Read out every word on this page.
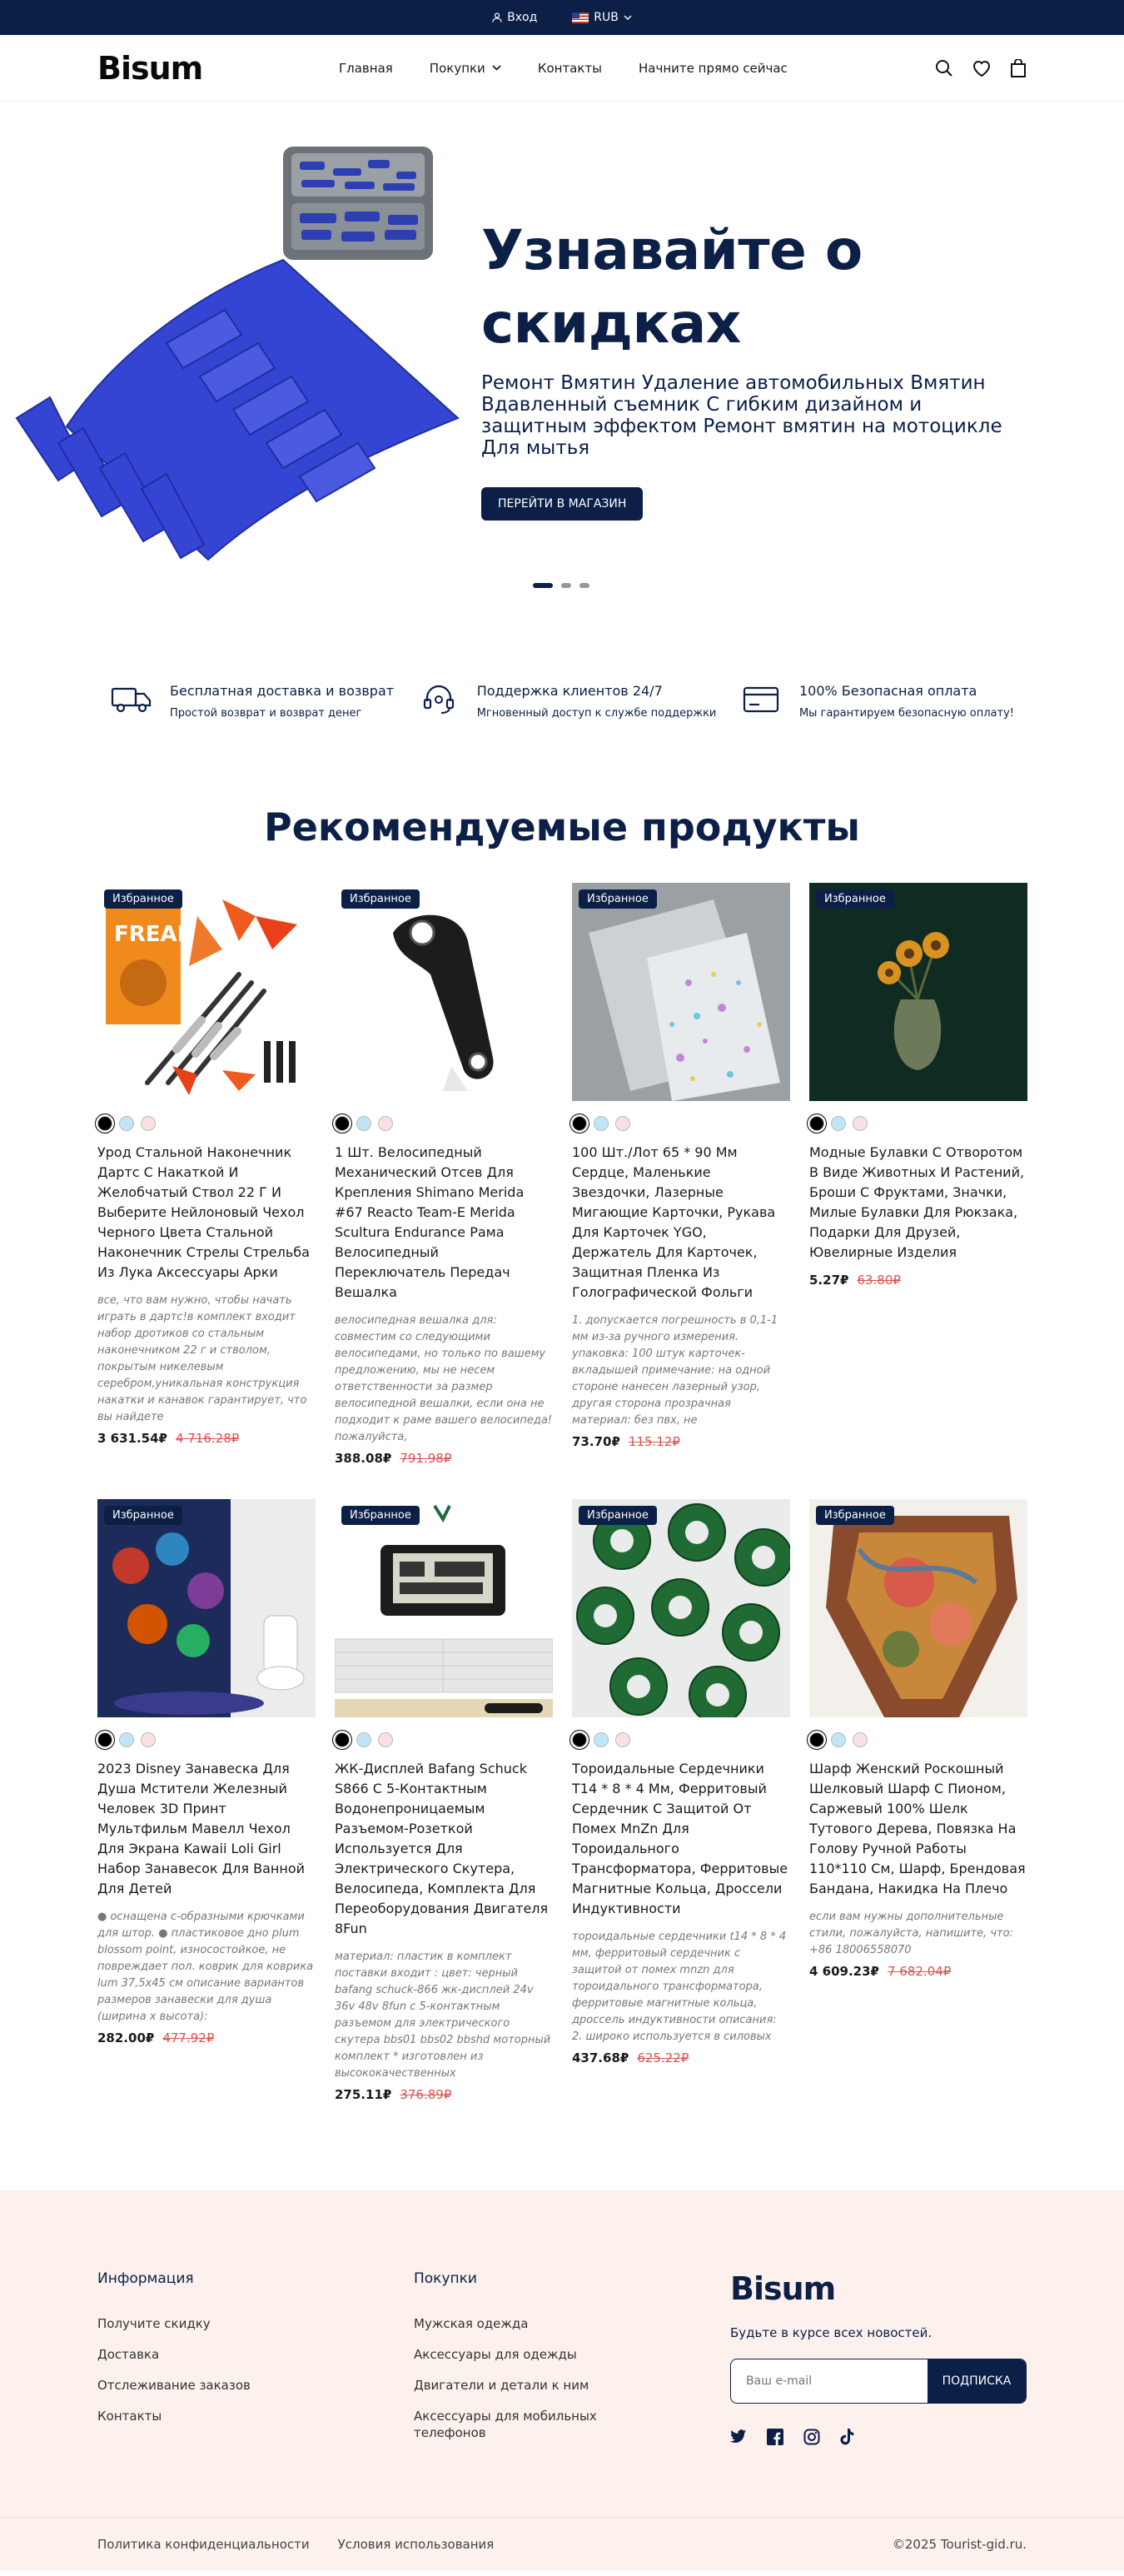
Вход	RUB
Bisum	Главная	Покупки	Контакты	Начните прямо сейчас
Узнавайте о скидках
Ремонт Вмятин Удаление автомобильных Вмятин Вдавленный съемник С гибким дизайном и защитным эффектом Ремонт вмятин на мотоцикле Для мытья
ПЕРЕЙТИ В МАГАЗИН
Бесплатная доставка и возврат
Простой возврат и возврат денег
Поддержка клиентов 24/7
Мгновенный доступ к службе поддержки
100% Безопасная оплата
Мы гарантируем безопасную оплату!
Рекомендуемые продукты
FREAK
Избранное
Урод Стальной Наконечник Дартс С Накаткой И Желобчатый Ствол 22 Г И Выберите Нейлоновый Чехол Черного Цвета Стальной Наконечник Стрелы Стрельба Из Лука Аксессуары Арки
все, что вам нужно, чтобы начать играть в дартс!в комплект входит набор дротиков со стальным наконечником 22 г и стволом, покрытым никелевым серебром,уникальная конструкция накатки и канавок гарантирует, что вы найдете
3 631.54₽ 4 716.28₽
Избранное
1 Шт. Велосипедный Механический Отсев Для Крепления Shimano Merida #67 Reacto Team-E Merida Scultura Endurance Рама Велосипедный Переключатель Передач Вешалка
велосипедная вешалка для: совместим со следующими велосипедами, но только по вашему предложению, мы не несем ответственности за размер велосипедной вешалки, если она не подходит к раме вашего велосипеда!пожалуйста,
388.08₽ 791.98₽
Избранное
100 Шт./Лот 65 * 90 Мм Сердце, Маленькие Звездочки, Лазерные Мигающие Карточки, Рукава Для Карточек YGO, Держатель Для Карточек, Защитная Пленка Из Голографической Фольги
1. допускается погрешность в 0,1-1 мм из-за ручного измерения. упаковка: 100 штук карточек-вкладышей примечание: на одной стороне нанесен лазерный узор, другая сторона прозрачная материал: без пвх, не
73.70₽ 115.12₽
Избранное
Модные Булавки С Отворотом В Виде Животных И Растений, Броши С Фруктами, Значки, Милые Булавки Для Рюкзака, Подарки Для Друзей, Ювелирные Изделия
5.27₽ 63.80₽
Избранное
2023 Disney Занавеска Для Душа Мстители Железный Человек 3D Принт Мультфильм Мавелл Чехол Для Экрана Kawaii Loli Girl Набор Занавесок Для Ванной Для Детей
● оснащена с-образными крючками для штор. ● пластиковое дно plum blossom point, износостойкое, не повреждает пол. коврик для коврика lum 37,5x45 см описание вариантов размеров занавески для душа (ширина x высота):
282.00₽ 477.92₽
Избранное
ЖК-Дисплей Bafang Schuck S866 С 5-Контактным Водонепроницаемым Разъемом-Розеткой Используется Для Электрического Скутера, Велосипеда, Комплекта Для Переоборудования Двигателя 8Fun
материал: пластик в комплект поставки входит : цвет: черный bafang schuck-866 жк-дисплей 24v 36v 48v 8fun с 5-контактным разъемом для электрического скутера bbs01 bbs02 bbshd моторный комплект * изготовлен из высококачественных
275.11₽ 376.89₽
Избранное
Тороидальные Сердечники T14 * 8 * 4 Мм, Ферритовый Сердечник С Защитой От Помех MnZn Для Тороидального Трансформатора, Ферритовые Магнитные Кольца, Дроссели Индуктивности
тороидальные сердечники t14 * 8 * 4 мм, ферритовый сердечник с защитой от помех mnzn для тороидального трансформатора, ферритовые магнитные кольца, дроссель индуктивности описания: 2. широко используется в силовых
437.68₽ 625.22₽
Избранное
Шарф Женский Роскошный Шелковый Шарф С Пионом, Саржевый 100% Шелк Тутового Дерева, Повязка На Голову Ручной Работы 110*110 См, Шарф, Брендовая Бандана, Накидка На Плечо
если вам нужны дополнительные стили, пожалуйста, напишите, что: +86 18006558070
4 609.23₽ 7 682.04₽
Информация
Получите скидку
Доставка
Отслеживание заказов
Контакты
Покупки
Мужская одежда
Аксессуары для одежды
Двигатели и детали к ним
Аксессуары для мобильных телефонов
Bisum
Будьте в курсе всех новостей.
Ваш e-mail
ПОДПИСКА
Политика конфиденциальности Условия использования	©2025 Tourist-gid.ru.
